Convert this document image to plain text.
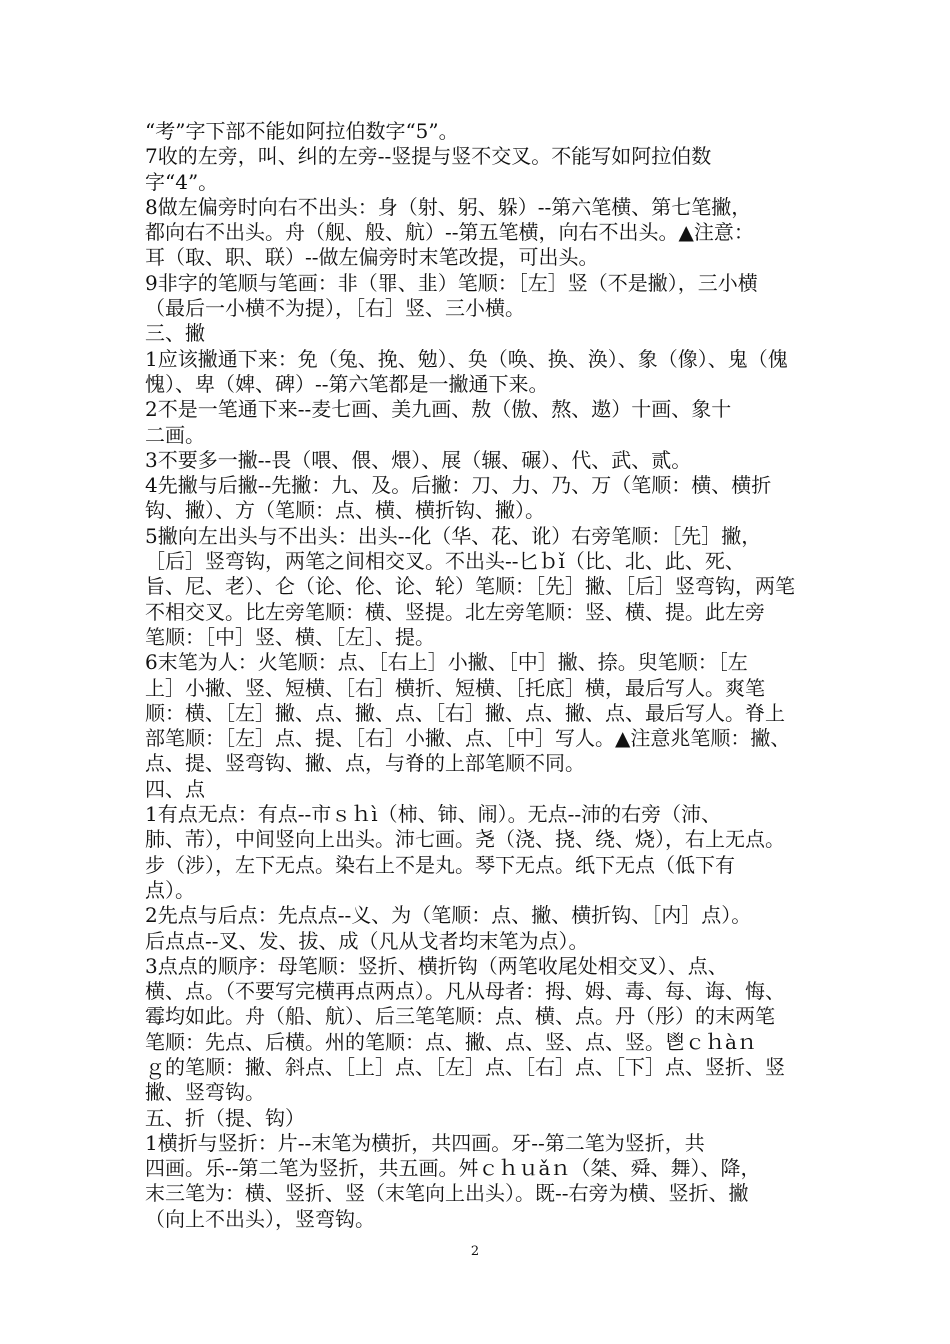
“考”字下部不能如阿拉伯数字“5”。

7收的左旁，叫、纠的左旁--竖提与竖不交叉。不能写如阿拉伯数

字“4”。

8做左偏旁时向右不出头：身（射、躬、躲）--第六笔横、第七笔撇，

都向右不出头。舟（舰、般、航）--第五笔横，向右不出头。▲注意：

耳（取、职、联）--做左偏旁时末笔改提，可出头。

9非字的笔顺与笔画：非（罪、韭）笔顺：［左］竖（不是撇），三小横

（最后一小横不为提），［右］竖、三小横。

三、撇

1应该撇通下来：免（兔、挽、勉）、奂（唤、换、涣）、象（像）、鬼（傀

愧）、卑（婢、碑）--第六笔都是一撇通下来。

2不是一笔通下来--麦七画、美九画、敖（傲、熬、遨）十画、象十

二画。

3不要多一撇--畏（喂、偎、煨）、展（辗、碾）、代、武、贰。

4先撇与后撇--先撇：九、及。后撇：刀、力、乃、万（笔顺：横、横折

钩、撇）、方（笔顺：点、横、横折钩、撇）。

5撇向左出头与不出头：出头--化（华、花、讹）右旁笔顺：［先］撇，

［后］竖弯钩，两笔之间相交叉。不出头--匕ｂǐ（比、北、此、死、

旨、尼、老）、仑（论、伦、论、轮）笔顺：［先］撇、［后］竖弯钩，两笔

不相交叉。比左旁笔顺：横、竖提。北左旁笔顺：竖、横、提。此左旁

笔顺：［中］竖、横、［左］、提。

6末笔为人：火笔顺：点、［右上］小撇、［中］撇、捺。臾笔顺：［左

上］小撇、竖、短横、［右］横折、短横、［托底］横，最后写人。爽笔

顺：横、［左］撇、点、撇、点、［右］撇、点、撇、点、最后写人。脊上

部笔顺：［左］点、提、［右］小撇、点、［中］写人。▲注意兆笔顺：撇、

点、提、竖弯钩、撇、点，与脊的上部笔顺不同。

四、点

1有点无点：有点--市ｓｈì（柿、铈、闹）。无点--沛的右旁（沛、

肺、芾），中间竖向上出头。沛七画。尧（浇、挠、绕、烧），右上无点。

步（涉），左下无点。染右上不是丸。琴下无点。纸下无点（低下有

点）。

2先点与后点：先点点--义、为（笔顺：点、撇、横折钩、［内］点）。

后点点--叉、发、拔、成（凡从戈者均末笔为点）。

3点点的顺序：母笔顺：竖折、横折钩（两笔收尾处相交叉）、点、

横、点。（不要写完横再点两点）。凡从母者：拇、姆、毒、每、诲、悔、

霉均如此。舟（船、航）、后三笔笔顺：点、横、点。丹（彤）的末两笔

笔顺：先点、后横。州的笔顺：点、撇、点、竖、点、竖。鬯ｃｈàｎ

ｇ的笔顺：撇、斜点、［上］点、［左］点、［右］点、［下］点、竖折、竖

撇、竖弯钩。

五、折（提、钩）

1横折与竖折：片--末笔为横折，共四画。牙--第二笔为竖折，共

四画。乐--第二笔为竖折，共五画。舛ｃｈｕǎｎ（桀、舜、舞）、降，

末三笔为：横、竖折、竖（末笔向上出头）。既--右旁为横、竖折、撇

（向上不出头），竖弯钩。

2
